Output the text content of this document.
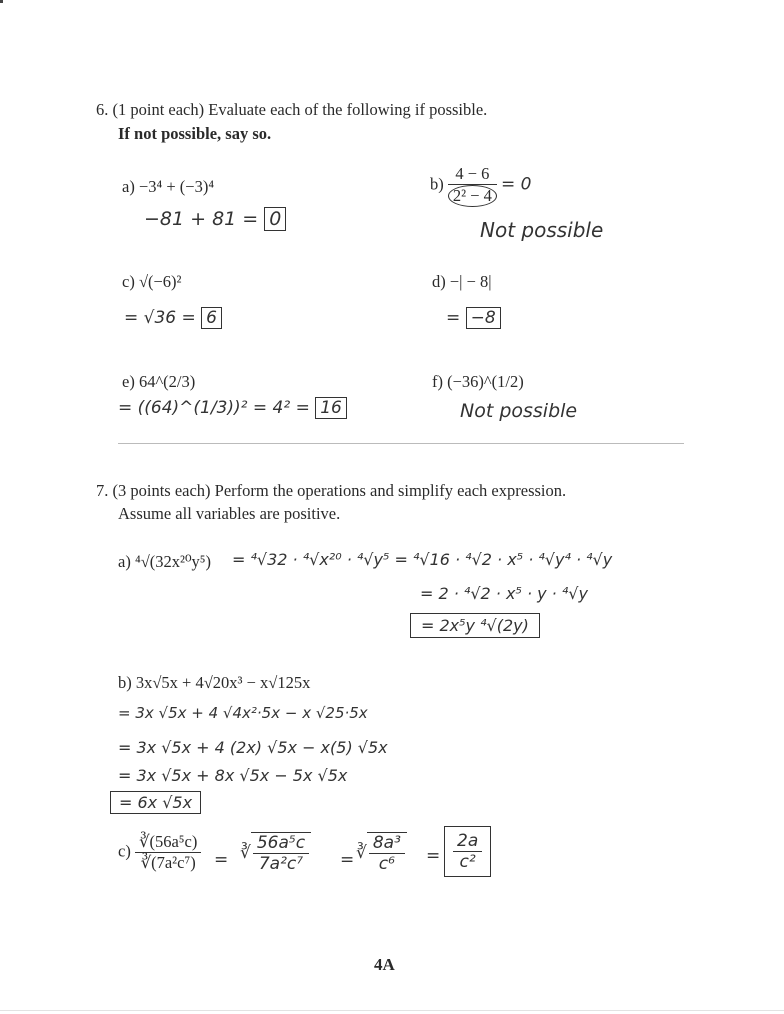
6. (1 point each) Evaluate each of the following if possible.
If not possible, say so.
a) −3⁴ + (−3)⁴
−81 + 81 = 0
$b) \frac{4 - 6}{\text{2² − 4}} = 0$
Not possible
c) √(−6)²
= √36 = 6
d) −| − 8|
= −8
e) 64^(2/3)
= ((64)^(1/3))² = 4² = 16
f) (−36)^(1/2)
Not possible
7. (3 points each) Perform the operations and simplify each expression.
Assume all variables are positive.
a) ⁴√(32x²⁰y⁵) = ⁴√32 · ⁴√x²⁰ · ⁴√y⁵ = ⁴√16 · ⁴√2 · x⁵ · ⁴√y⁴ · ⁴√y
= 2 · ⁴√2 · x⁵ · y · ⁴√y
= 2x⁵y ⁴√(2y)
b) 3x√5x + 4√20x³ − x√125x
= 3x √5x + 4 √4x²·5x − x √25·5x
= 3x √5x + 4 (2x) √5x − x(5) √5x
= 3x √5x + 8x √5x − 5x √5x
= 6x √5x
$c) \frac{\text{∛(56a⁵c)}}{\text{∛(7a²c⁷)}}$ = ∛ $\frac{\text{56a⁵c}}{\text{7a²c⁷}}$ = ∛ $\frac{\text{8a³}}{\text{c⁶}} = \frac{2a}{\text{c²}}$
4A
